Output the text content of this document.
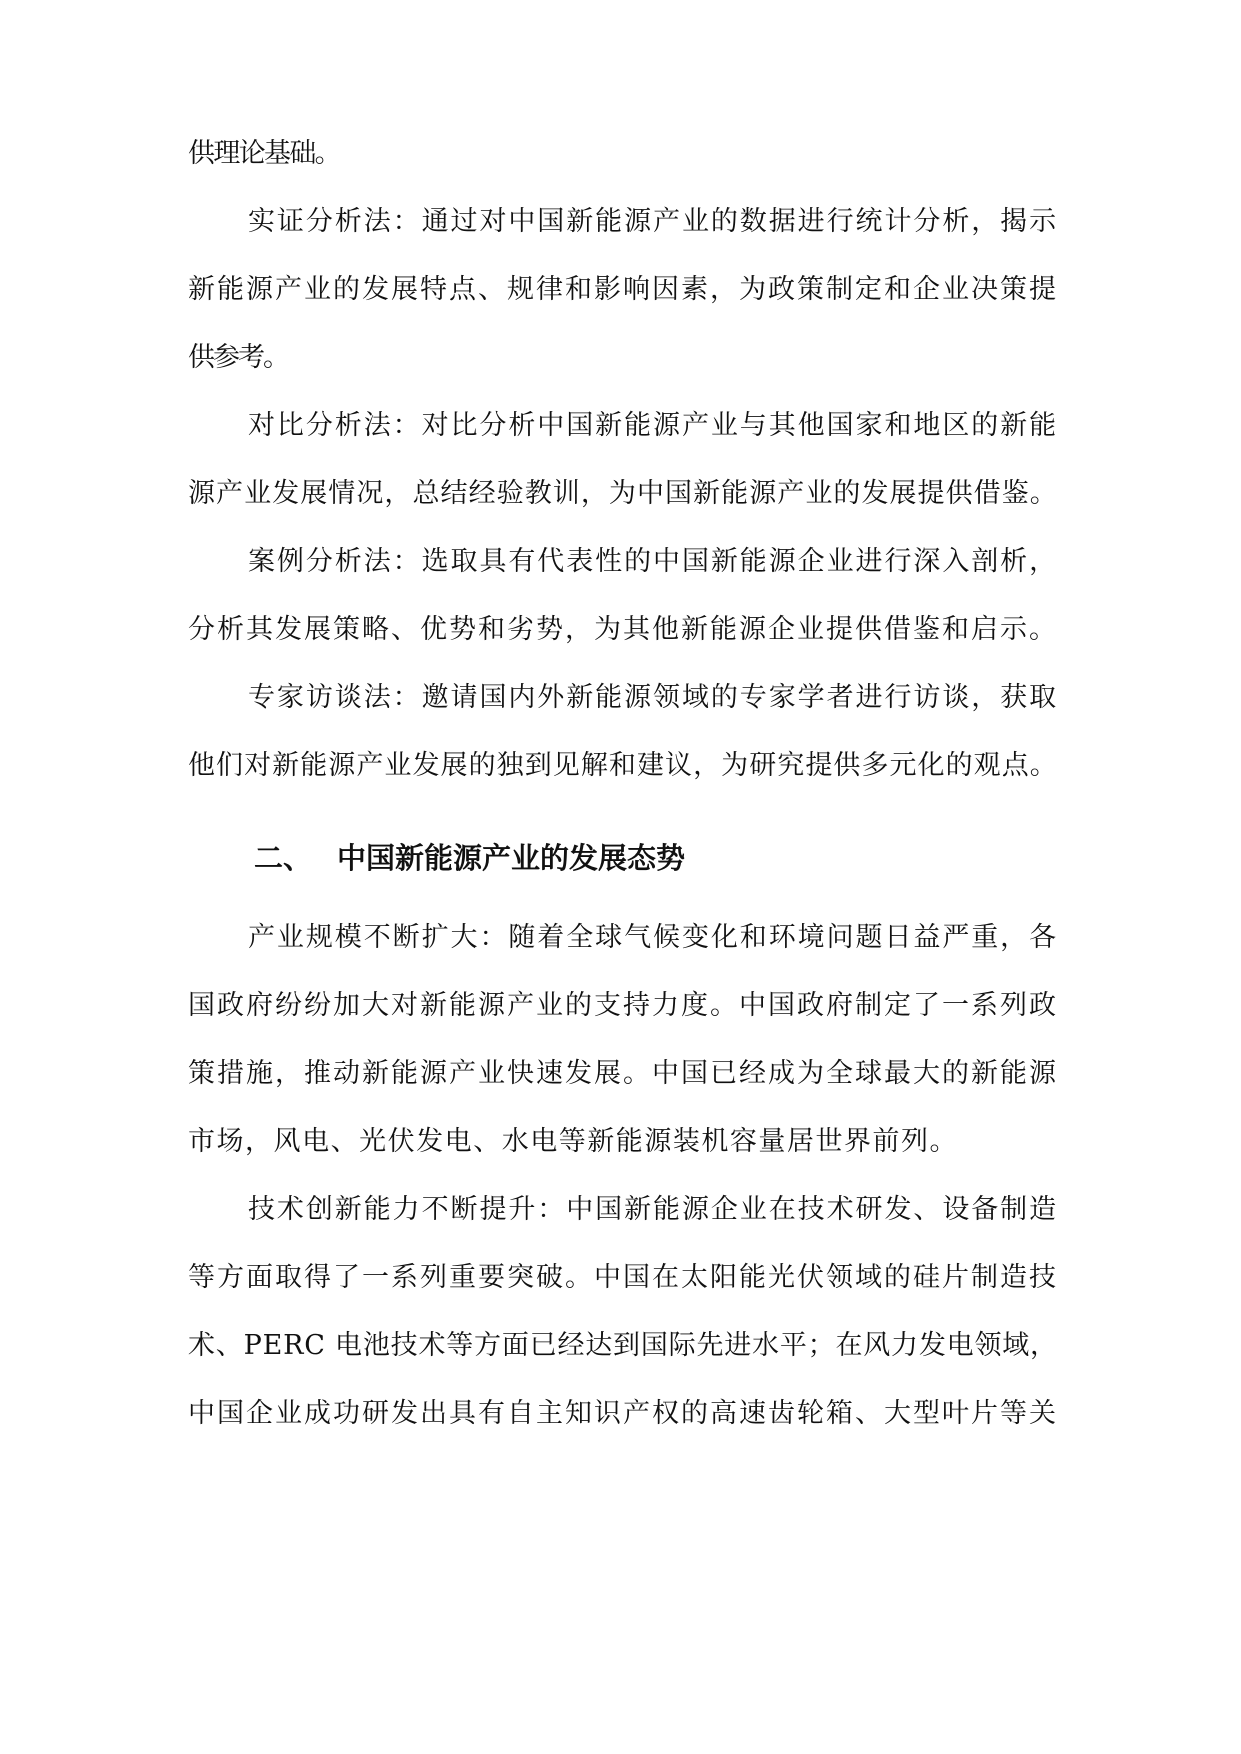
供理论基础。
实证分析法：通过对中国新能源产业的数据进行统计分析，揭示
新能源产业的发展特点、规律和影响因素，为政策制定和企业决策提
供参考。
对比分析法：对比分析中国新能源产业与其他国家和地区的新能
源产业发展情况，总结经验教训，为中国新能源产业的发展提供借鉴。
案例分析法：选取具有代表性的中国新能源企业进行深入剖析，
分析其发展策略、优势和劣势，为其他新能源企业提供借鉴和启示。
专家访谈法：邀请国内外新能源领域的专家学者进行访谈，获取
他们对新能源产业发展的独到见解和建议，为研究提供多元化的观点。
二、 中国新能源产业的发展态势
产业规模不断扩大：随着全球气候变化和环境问题日益严重，各
国政府纷纷加大对新能源产业的支持力度。中国政府制定了一系列政
策措施，推动新能源产业快速发展。中国已经成为全球最大的新能源
市场，风电、光伏发电、水电等新能源装机容量居世界前列。
技术创新能力不断提升：中国新能源企业在技术研发、设备制造
等方面取得了一系列重要突破。中国在太阳能光伏领域的硅片制造技
术、PERC 电池技术等方面已经达到国际先进水平；在风力发电领域，
中国企业成功研发出具有自主知识产权的高速齿轮箱、大型叶片等关
